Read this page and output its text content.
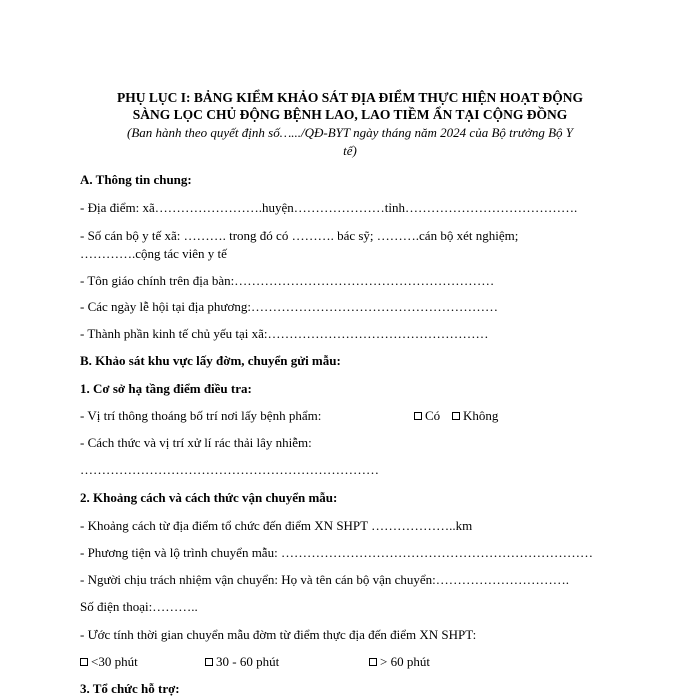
PHỤ LỤC I: BẢNG KIỂM KHẢO SÁT ĐỊA ĐIỂM THỰC HIỆN HOẠT ĐỘNG
SÀNG LỌC CHỦ ĐỘNG BỆNH LAO, LAO TIỀM ẨN TẠI CỘNG ĐỒNG
(Ban hành theo quyết định số….../QĐ-BYT ngày tháng năm 2024 của Bộ trưởng Bộ Y
tế)
A. Thông tin chung:
- Địa điểm: xã…………………….huyện…………………tỉnh………………………………….
- Số cán bộ y tế xã: ………. trong đó có ………. bác sỹ; ……….cán bộ xét nghiệm;
………….cộng tác viên y tế
- Tôn giáo chính trên địa bàn:……………………………………………………
- Các ngày lễ hội tại địa phương:…………………………………………………
- Thành phần kinh tế chủ yếu tại xã:……………………………………………
B. Khảo sát khu vực lấy đờm, chuyển gửi mẫu:
1. Cơ sở hạ tầng điểm điều tra:
- Vị trí thông thoáng bố trí nơi lấy bệnh phẩm:	Có	Không
- Cách thức và vị trí xử lí rác thải lây nhiễm:
……………………………………………………………
2. Khoảng cách và cách thức vận chuyển mẫu:
- Khoảng cách từ địa điểm tổ chức đến điểm XN SHPT ………………..km
- Phương tiện và lộ trình chuyển mẫu: ………………………………………………………………
- Người chịu trách nhiệm vận chuyển: Họ và tên cán bộ vận chuyển:………………………….
Số điện thoại:………..
- Ước tính thời gian chuyển mẫu đờm từ điểm thực địa đến điểm XN SHPT:
<30 phút	30 - 60 phút	> 60 phút
3. Tổ chức hỗ trợ:
